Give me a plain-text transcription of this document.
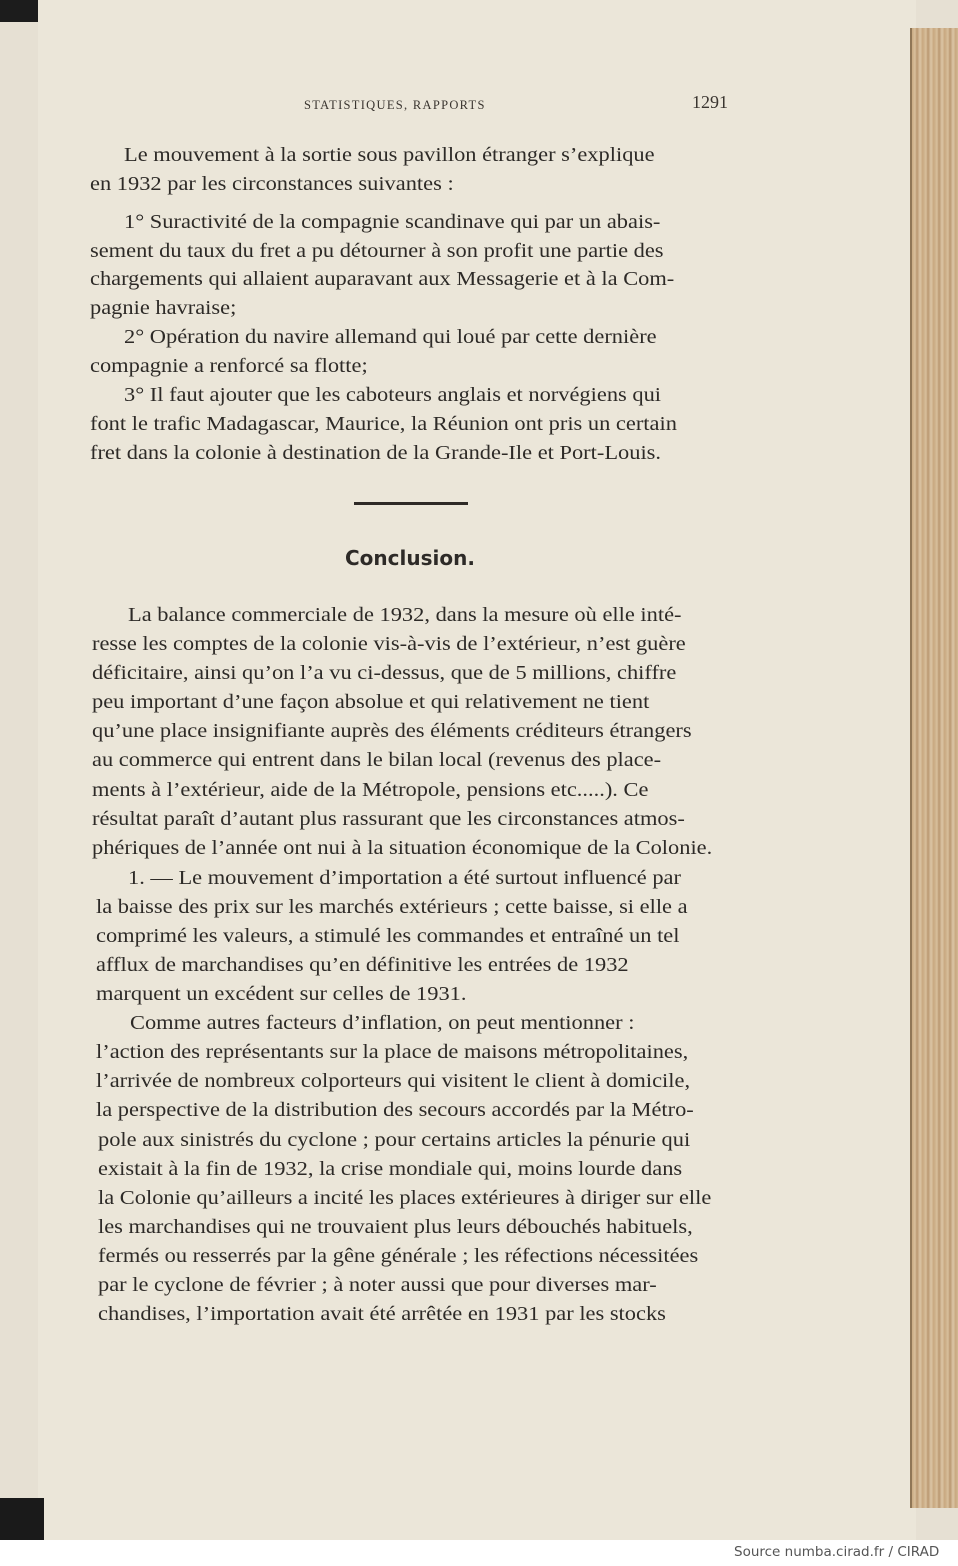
STATISTIQUES, RAPPORTS	1291
Le mouvement à la sortie sous pavillon étranger s’explique
en 1932 par les circonstances suivantes :
1° Suractivité de la compagnie scandinave qui par un abais-
sement du taux du fret a pu détourner à son profit une partie des
chargements qui allaient auparavant aux Messagerie et à la Com-
pagnie havraise;
2° Opération du navire allemand qui loué par cette dernière
compagnie a renforcé sa flotte;
3° Il faut ajouter que les caboteurs anglais et norvégiens qui
font le trafic Madagascar, Maurice, la Réunion ont pris un certain
fret dans la colonie à destination de la Grande-Ile et Port-Louis.
Conclusion.
La balance commerciale de 1932, dans la mesure où elle inté-
resse les comptes de la colonie vis-à-vis de l’extérieur, n’est guère
déficitaire, ainsi qu’on l’a vu ci-dessus, que de 5 millions, chiffre
peu important d’une façon absolue et qui relativement ne tient
qu’une place insignifiante auprès des éléments créditeurs étrangers
au commerce qui entrent dans le bilan local (revenus des place-
ments à l’extérieur, aide de la Métropole, pensions etc.....). Ce
résultat paraît d’autant plus rassurant que les circonstances atmos-
phériques de l’année ont nui à la situation économique de la Colonie.
1. — Le mouvement d’importation a été surtout influencé par
la baisse des prix sur les marchés extérieurs ; cette baisse, si elle a
comprimé les valeurs, a stimulé les commandes et entraîné un tel
afflux de marchandises qu’en définitive les entrées de 1932
marquent un excédent sur celles de 1931.
Comme autres facteurs d’inflation, on peut mentionner :
l’action des représentants sur la place de maisons métropolitaines,
l’arrivée de nombreux colporteurs qui visitent le client à domicile,
la perspective de la distribution des secours accordés par la Métro-
pole aux sinistrés du cyclone ; pour certains articles la pénurie qui
existait à la fin de 1932, la crise mondiale qui, moins lourde dans
la Colonie qu’ailleurs a incité les places extérieures à diriger sur elle
les marchandises qui ne trouvaient plus leurs débouchés habituels,
fermés ou resserrés par la gêne générale ; les réfections nécessitées
par le cyclone de février ; à noter aussi que pour diverses mar-
chandises, l’importation avait été arrêtée en 1931 par les stocks
Source numba.cirad.fr / CIRAD
